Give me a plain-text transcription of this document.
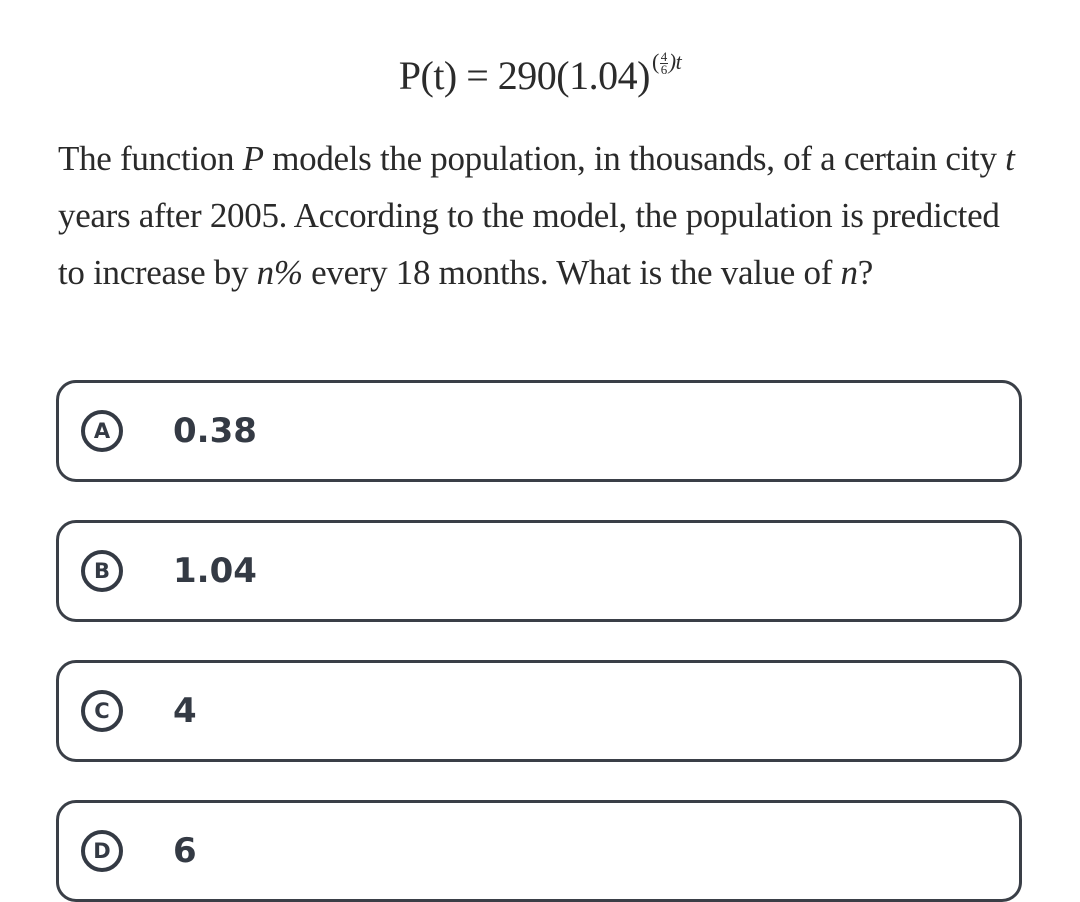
$P(t) = 290(1.04)^{( \frac{4}{6} )t}$
The function P models the population, in thousands, of a certain city t years after 2005. According to the model, the population is predicted to increase by n% every 18 months. What is the value of n?
A	0.38
B	1.04
C	4
D	6
